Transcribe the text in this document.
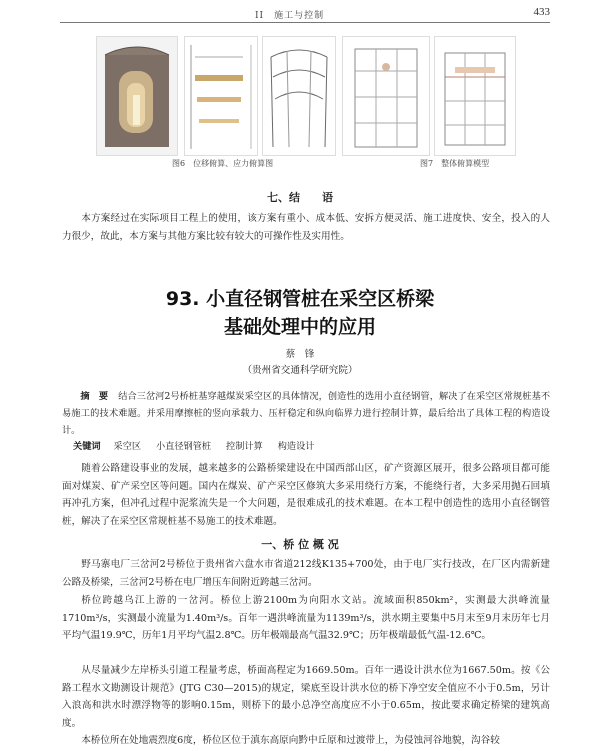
II　施工与控制	433
图6　位移俯算、应力俯算图	图7　整体俯算模型
七、结　　语
本方案经过在实际项目工程上的使用，该方案有重小、成本低、安拆方便灵活、施工进度快、安全，投入的人力很少，故此，本方案与其他方案比较有较大的可操作性及实用性。
93. 小直径钢管桩在采空区桥梁
基础处理中的应用
蔡　锋
（贵州省交通科学研究院）
摘　要 结合三岔河2号桥桩基穿越煤炭采空区的具体情况，创造性的选用小直径钢管，解决了在采空区常规桩基不易施工的技术难题。并采用摩擦桩的竖向承载力、压杆稳定和纵向临界力进行控制计算，最后给出了具体工程的构造设计。
关键词 采空区 小直径钢管桩 控制计算 构造设计
随着公路建设事业的发展，越来越多的公路桥梁建设在中国西部山区，矿产资源区展开，很多公路项目都可能面对煤炭、矿产采空区等问题。国内在煤炭、矿产采空区修筑大多采用绕行方案，不能绕行者，大多采用抛石回填再冲孔方案，但冲孔过程中泥浆流失是一个大问题，是很难成孔的技术难题。在本工程中创造性的选用小直径钢管桩，解决了在采空区常规桩基不易施工的技术难题。
一、桥 位 概 况
野马寨电厂三岔河2号桥位于贵州省六盘水市省道212线K135+700处，由于电厂实行技改，在厂区内需新建公路及桥梁，三岔河2号桥在电厂增压车间附近跨越三岔河。
桥位跨越乌江上游的一岔河。桥位上游2100m为向阳水文站。流域面积850km²，实测最大洪峰流量1710m³/s，实测最小流量为1.40m³/s。百年一遇洪峰流量为1139m³/s，洪水期主要集中5月末至9月末历年七月平均气温19.9℃，历年1月平均气温2.8℃。历年极端最高气温32.9℃；历年极端最低气温-12.6℃。
从尽量减少左岸桥头引道工程量考虑，桥面高程定为1669.50m。百年一遇设计洪水位为1667.50m。按《公路工程水文勘测设计规范》(JTG C30—2015)的规定，梁底至设计洪水位的桥下净空安全值应不小于0.5m，另计入浪高和洪水时漂浮物等的影响0.15m，则桥下的最小总净空高度应不小于0.65m，按此要求确定桥梁的建筑高度。
本桥位所在处地震烈度6度，桥位区位于滇东高原向黔中丘原和过渡带上，为侵蚀河谷地貌，沟谷较
